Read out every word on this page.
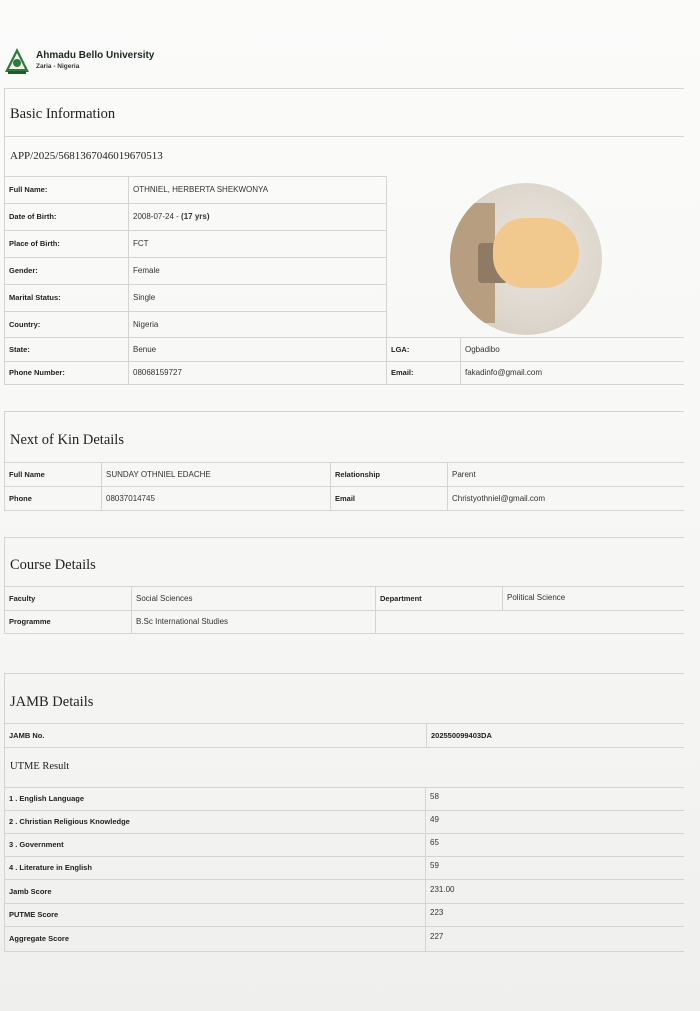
Ahmadu Bello University
Zaria - Nigeria
Basic Information
APP/2025/5681367046019670513
Full Name:	OTHNIEL, HERBERTA SHEKWONYA
Date of Birth:	2008-07-24 - (17 yrs)
Place of Birth:	FCT
Gender:	Female
Marital Status:	Single
Country:	Nigeria
State:	Benue	LGA:	Ogbadibo
Phone Number:	08068159727	Email:	fakadinfo@gmail.com
Next of Kin Details
Full Name	SUNDAY OTHNIEL EDACHE	Relationship	Parent
Phone	08037014745	Email	Christyothniel@gmail.com
Course Details
Faculty	Social Sciences	Department	Political Science
Programme	B.Sc International Studies
JAMB Details
JAMB No.	202550099403DA
UTME Result
1 . English Language	58
2 . Christian Religious Knowledge	49
3 . Government	65
4 . Literature in English	59
Jamb Score	231.00
PUTME Score	223
Aggregate Score	227
